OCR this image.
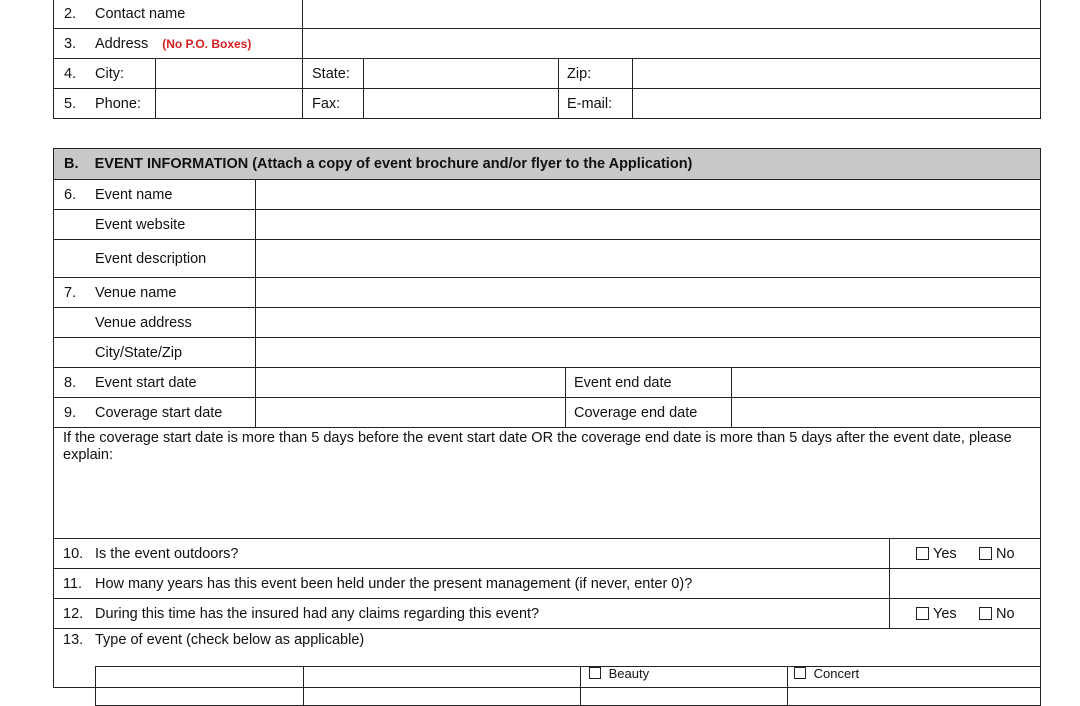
2. Contact name
3. Address (No P.O. Boxes)
4. City:	State:	Zip:
5. Phone:	Fax:	E-mail:
B.    EVENT INFORMATION (Attach a copy of event brochure and/or flyer to the Application)
6. Event name
Event website
Event description
7. Venue name
Venue address
City/State/Zip
8. Event start date	Event end date
9. Coverage start date	Coverage end date
If the coverage start date is more than 5 days before the event start date OR the coverage end date is more than 5 days after the event date, please explain:
10. Is the event outdoors?	Yes	No
11. How many years has this event been held under the present management (if never, enter 0)?
12. During this time has the insured had any claims regarding this event?	Yes	No
13. Type of event (check below as applicable)
Beauty	Concert
